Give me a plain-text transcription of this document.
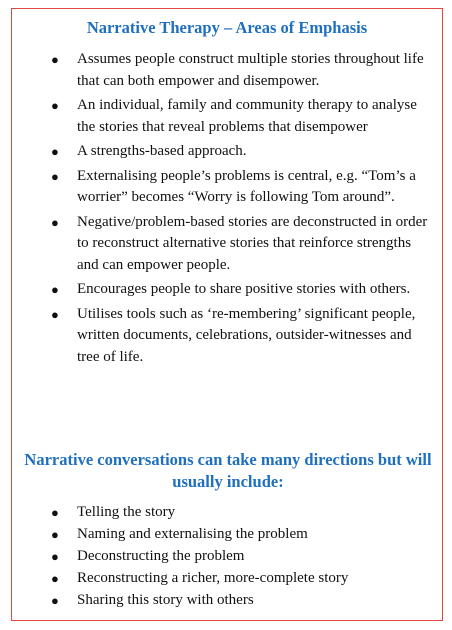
Narrative Therapy – Areas of Emphasis
● Assumes people construct multiple stories throughout life that can both empower and disempower.
● An individual, family and community therapy to analyse the stories that reveal problems that disempower
● A strengths-based approach.
● Externalising people’s problems is central, e.g. “Tom’s a worrier” becomes “Worry is following Tom around”.
● Negative/problem-based stories are deconstructed in order to reconstruct alternative stories that reinforce strengths and can empower people.
● Encourages people to share positive stories with others.
● Utilises tools such as ‘re-membering’ significant people, written documents, celebrations, outsider-witnesses and tree of life.
Narrative conversations can take many directions but will usually include:
● Telling the story
● Naming and externalising the problem
● Deconstructing the problem
● Reconstructing a richer, more-complete story
● Sharing this story with others
